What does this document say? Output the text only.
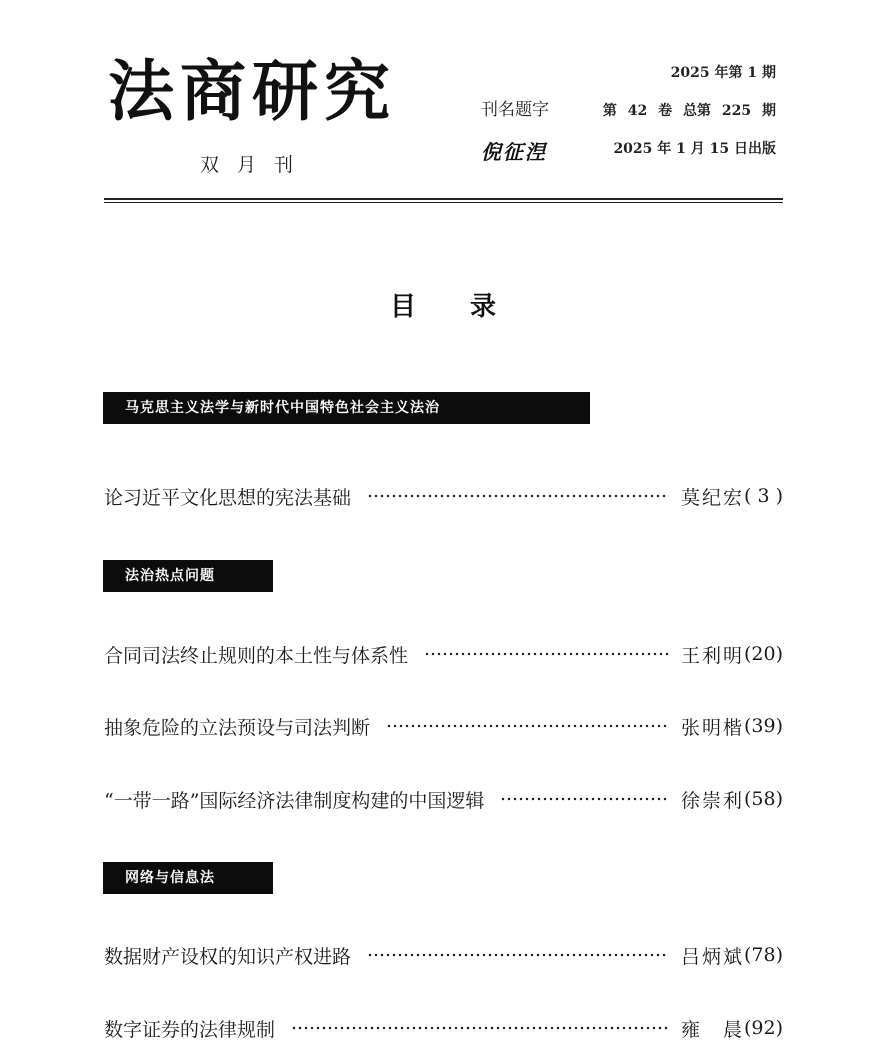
法商研究
双月刊
刊名题字
倪征𣵀
2025 年第 1 期
第 42 卷 总第 225 期
2025 年 1 月 15 日出版
目录
马克思主义法学与新时代中国特色社会主义法治
论习近平文化思想的宪法基础	莫纪宏 ( 3 )
法治热点问题
合同司法终止规则的本土性与体系性	王利明 (20)
抽象危险的立法预设与司法判断	张明楷 (39)
“一带一路”国际经济法律制度构建的中国逻辑	徐崇利 (58)
网络与信息法
数据财产设权的知识产权进路	吕炳斌 (78)
数字证券的法律规制	雍　晨 (92)
